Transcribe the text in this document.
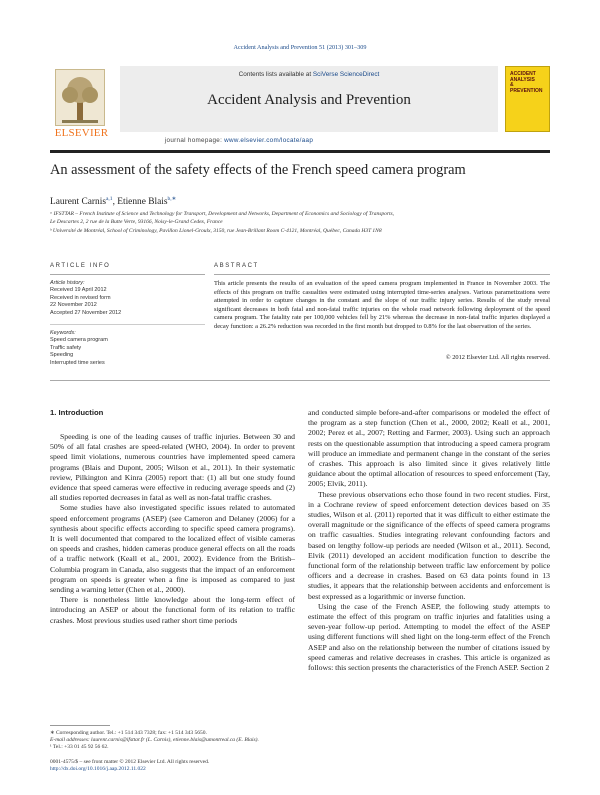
Accident Analysis and Prevention 51 (2013) 301–309
ELSEVIER
Contents lists available at SciVerse ScienceDirect
Accident Analysis and Prevention
journal homepage: www.elsevier.com/locate/aap
ACCIDENT
ANALYSIS
&
PREVENTION
An assessment of the safety effects of the French speed camera program
Laurent Carnis$^{a,1}$, Etienne Blais$^{b,∗}$
ᵃ IFSTTAR – French Institute of Science and Technology for Transport, Development and Networks, Department of Economics and Sociology of Transports,
Le Descartes 2, 2 rue de la Butte Verte, 93166, Noisy-le-Grand Cedex, France
ᵇ Université de Montréal, School of Criminology, Pavillon Lionel-Groulx, 3150, rue Jean-Brillant Room C-4121, Montréal, Québec, Canada H3T 1N8
ARTICLE INFO	ABSTRACT
Article history:
Received 19 April 2012
Received in revised form
22 November 2012
Accepted 27 November 2012
Keywords:
Speed camera program
Traffic safety
Speeding
Interrupted time series
This article presents the results of an evaluation of the speed camera program implemented in France in November 2003. The effects of this program on traffic casualties were estimated using interrupted time-series analyses. Various parametizations were attempted in order to capture changes in the constant and the slope of our traffic injury series. Results of the study reveal significant decreases in both fatal and non-fatal traffic injuries on the whole road network following deployment of the speed camera program. The fatality rate per 100,000 vehicles fell by 21% whereas the decrease in non-fatal traffic injuries displayed a decay function: a 26.2% reduction was recorded in the first month but dropped to 0.8% for the last observation of the series.
© 2012 Elsevier Ltd. All rights reserved.
1. Introduction

Speeding is one of the leading causes of traffic injuries. Between 30 and 50% of all fatal crashes are speed-related (WHO, 2004). In order to prevent speed limit violations, numerous countries have implemented speed camera programs (Blais and Dupont, 2005; Wilson et al., 2011). In their systematic review, Pilkington and Kinra (2005) report that: (1) all but one study found evidence that speed cameras were effective in reducing average speeds and (2) all studies reported decreases in fatal as well as non-fatal traffic crashes.

Some studies have also investigated specific issues related to automated speed enforcement programs (ASEP) (see Cameron and Delaney (2006) for a synthesis about specific effects according to specific speed camera programs). It is well documented that compared to the localized effect of visible cameras on speeds and crashes, hidden cameras produce general effects on all the roads of a traffic network (Keall et al., 2001, 2002). Evidence from the British–Columbia program in Canada, also suggests that the impact of an enforcement program on speeds is greater when a fine is imposed as compared to just sending a warning letter (Chen et al., 2000).

There is nonetheless little knowledge about the long-term effect of introducing an ASEP or about the functional form of its relation to traffic crashes. Most previous studies used rather short time periods

and conducted simple before-and-after comparisons or modeled the effect of the program as a step function (Chen et al., 2000, 2002; Keall et al., 2001, 2002; Perez et al., 2007; Retting and Farmer, 2003). Using such an approach rests on the questionable assumption that introducing a speed camera program will produce an immediate and permanent change in the constant of the series of crashes. This approach is also limited since it gives relatively little guidance about the optimal allocation of resources to speed enforcement (Tay, 2005; Elvik, 2011).

These previous observations echo those found in two recent studies. First, in a Cochrane review of speed enforcement detection devices based on 35 studies, Wilson et al. (2011) reported that it was difficult to either estimate the overall magnitude or the significance of the effects of speed camera programs on traffic casualties. Studies integrating relevant confounding factors and based on lengthy follow-up periods are needed (Wilson et al., 2011). Second, Elvik (2011) developed an accident modification function to describe the functional form of the relationship between traffic law enforcement by police officers and a decrease in crashes. Based on 63 data points found in 13 studies, it appears that the relationship between accidents and enforcement is best expressed as a logarithmic or inverse function.

Using the case of the French ASEP, the following study attempts to estimate the effect of this program on traffic injuries and fatalities using a seven-year follow-up period. Attempting to model the effect of the ASEP using different functions will shed light on the long-term effect of the French ASEP and also on the relationship between the number of citations issued by speed cameras and relative decreases in crashes. This article is organized as follows: this section presents the characteristics of the French ASEP. Section 2

∗ Corresponding author. Tel.: +1 514 343 7328; fax: +1 514 343 5650.
E-mail addresses: laurent.carnis@ifsttar.fr (L. Carnis), etienne.blais@umontreal.ca (E. Blais).
¹ Tel.: +33 01 45 92 56 62.
0001-4575/$ – see front matter © 2012 Elsevier Ltd. All rights reserved.
http://dx.doi.org/10.1016/j.aap.2012.11.022
